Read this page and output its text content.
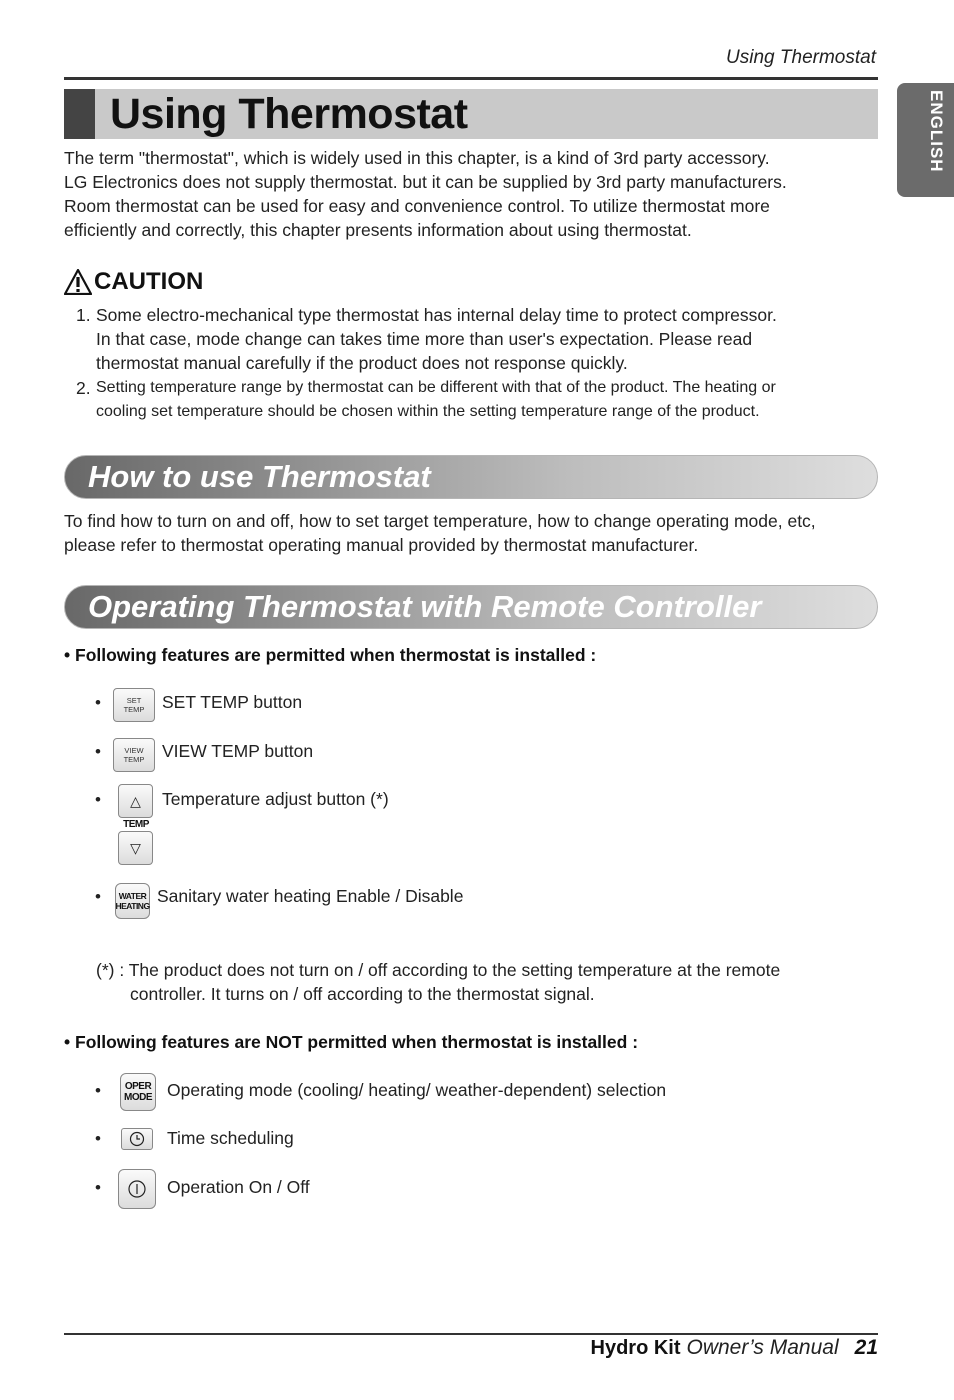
Using Thermostat
ENGLISH
Using Thermostat
The term "thermostat", which is widely used in this chapter, is a kind of 3rd party accessory.
LG Electronics does not supply thermostat. but it can be supplied by 3rd party manufacturers.
Room thermostat can be used for easy and convenience control. To utilize thermostat more
efficiently and correctly, this chapter presents information about using thermostat.
CAUTION
1. Some electro-mechanical type thermostat has internal delay time to protect compressor.
In that case, mode change can takes time more than user's expectation. Please read
thermostat manual carefully if the product does not response quickly.
2. Setting temperature range by thermostat can be different with that of the product. The heating or
cooling set temperature should be chosen within the setting temperature range of the product.
How to use Thermostat
To find how to turn on and off, how to set target temperature, how to change operating mode, etc,
please refer to thermostat operating manual provided by thermostat manufacturer.
Operating Thermostat with Remote Controller
• Following features are permitted when thermostat is installed :
•	SET
TEMP SET TEMP button
•	VIEW
TEMP VIEW TEMP button
•	△
TEMP
▽
Temperature adjust button (*)
• WATER
HEATING Sanitary water heating Enable / Disable
(*) : The product does not turn on / off according to the setting temperature at the remote
controller. It turns on / off according to the thermostat signal.
• Following features are NOT permitted when thermostat is installed :
• OPER
MODE Operating mode (cooling/ heating/ weather-dependent) selection
•	Time scheduling
•	Operation On / Off
Hydro Kit Owner’s Manual 21
